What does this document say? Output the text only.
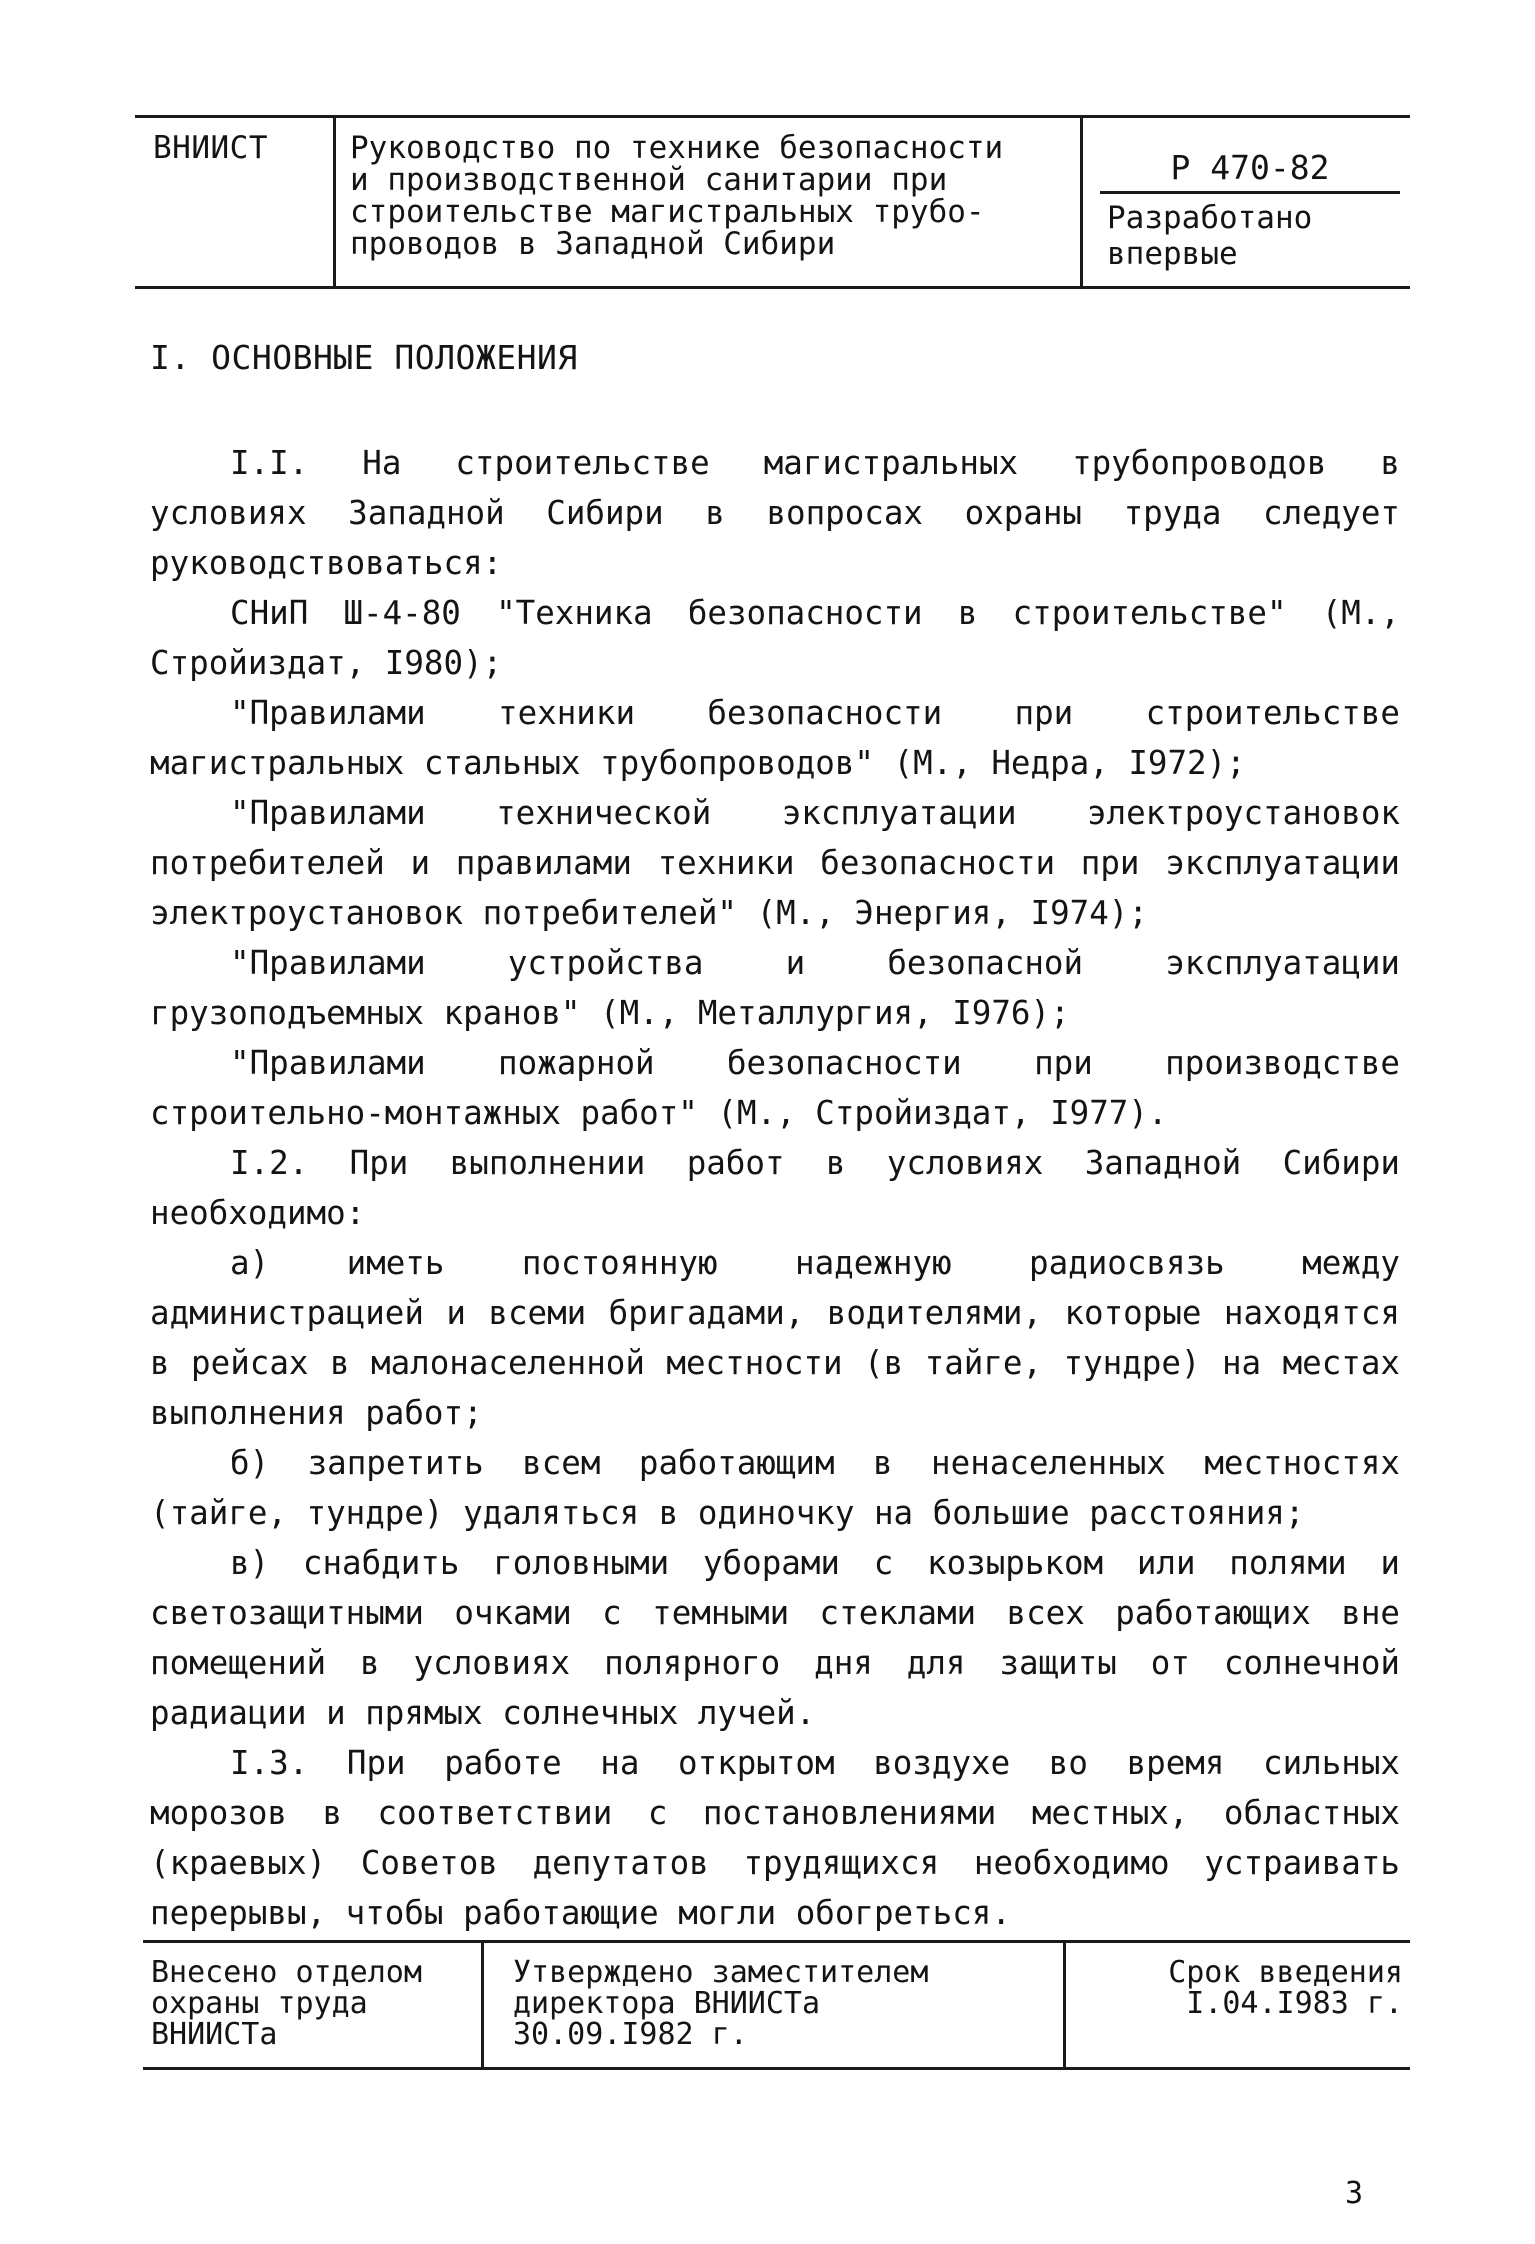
ВНИИСТ	Руководство по технике безопасности
и производственной санитарии при
строительстве магистральных трубо-
проводов в Западной Сибири
Р 470-82
Разработано
впервые
I. ОСНОВНЫЕ ПОЛОЖЕНИЯ

I.I. На строительстве магистральных трубопроводов в условиях Западной Сибири в вопросах охраны труда следует руководствоваться:

СНиП Ш-4-80 "Техника безопасности в строительстве" (М., Стройиздат, I980);

"Правилами техники безопасности при строительстве магистральных стальных трубопроводов" (М., Недра, I972);

"Правилами технической эксплуатации электроустановок потребителей и правилами техники безопасности при эксплуатации электроустановок потребителей" (М., Энергия, I974);

"Правилами устройства и безопасной эксплуатации грузоподъемных кранов" (М., Металлургия, I976);

"Правилами пожарной безопасности при производстве строительно-монтажных работ" (М., Стройиздат, I977).

I.2. При выполнении работ в условиях Западной Сибири необходимо:

а) иметь постоянную надежную радиосвязь между администрацией и всеми бригадами, водителями, которые находятся в рейсах в малонаселенной местности (в тайге, тундре) на местах выполнения работ;

б) запретить всем работающим в ненаселенных местностях (тайге, тундре) удаляться в одиночку на большие расстояния;

в) снабдить головными уборами с козырьком или полями и светозащитными очками с темными стеклами всех работающих вне помещений в условиях полярного дня для защиты от солнечной радиации и прямых солнечных лучей.

I.3. При работе на открытом воздухе во время сильных морозов в соответствии с постановлениями местных, областных (краевых) Советов депутатов трудящихся необходимо устраивать перерывы, чтобы работающие могли обогреться.

Внесено отделом
охраны труда
ВНИИСТа
Утверждено заместителем
директора ВНИИСТа
30.09.I982 г.
Срок введения
I.04.I983 г.
3
